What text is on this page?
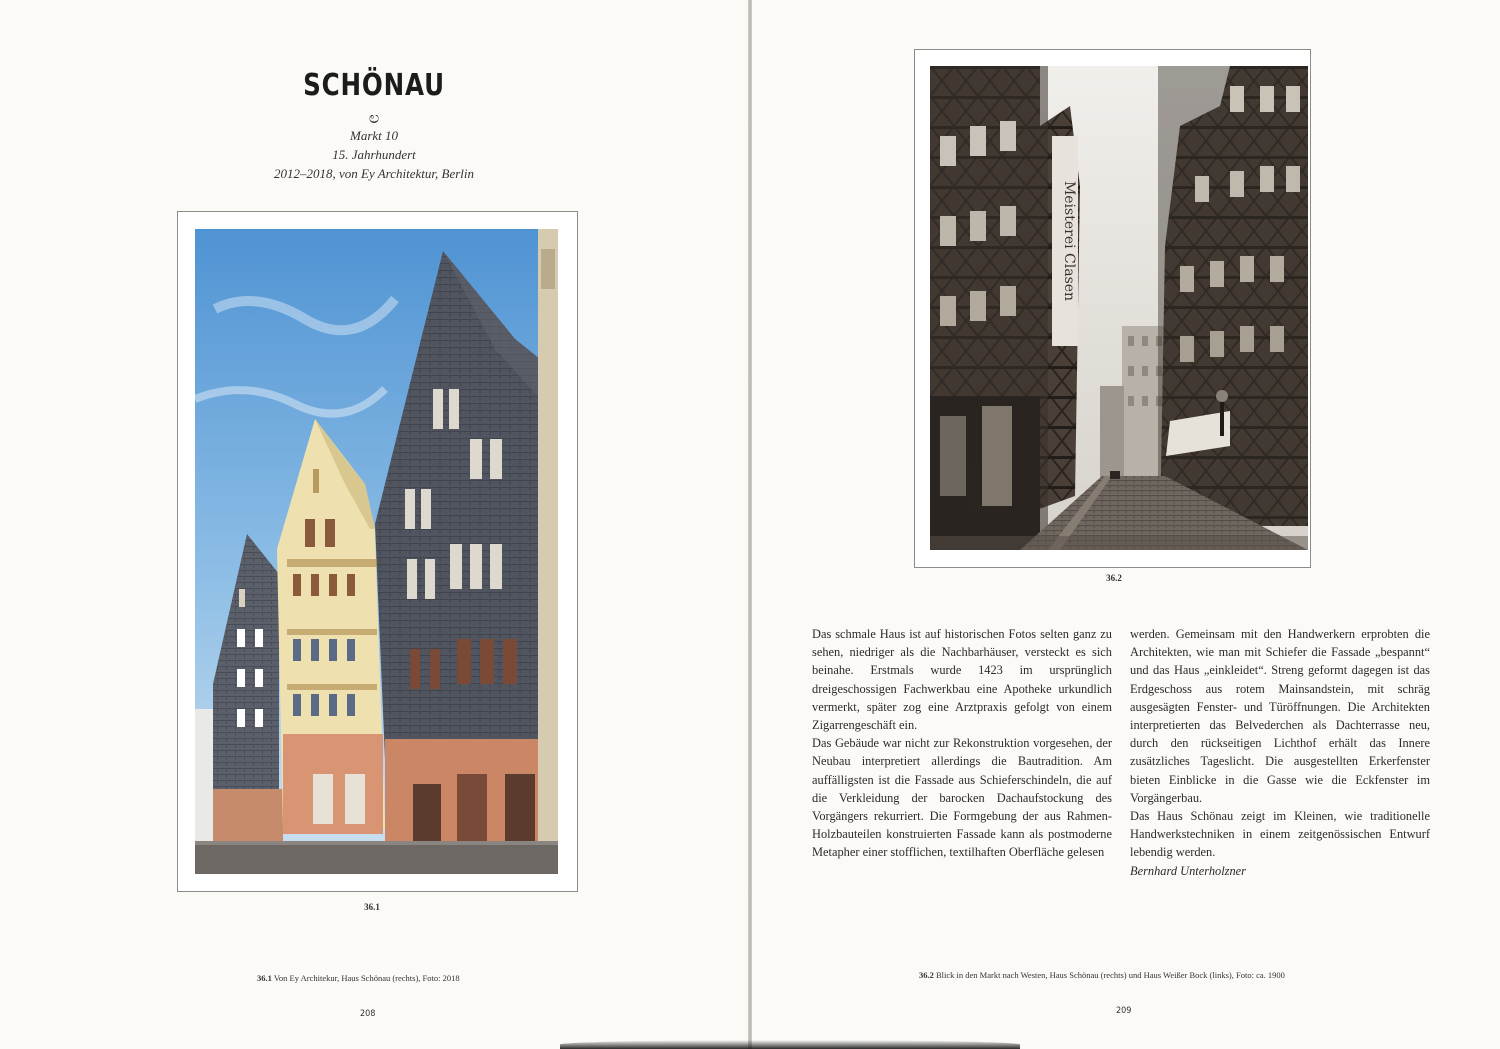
SCHÖNAU
ಲ
Markt 10
15. Jahrhundert
2012–2018, von Ey Architektur, Berlin
36.1
36.1 Von Ey Architekur, Haus Schönau (rechts), Foto: 2018
208
Meisterei Clasen
36.2

Das schmale Haus ist auf historischen Fotos selten ganz zu sehen, niedriger als die Nachbarhäuser, versteckt es sich beinahe. Erstmals wurde 1423 im ursprünglich dreigeschossigen Fachwerkbau eine Apotheke urkundlich vermerkt, später zog eine Arztpraxis gefolgt von einem Zigarrengeschäft ein.

Das Gebäude war nicht zur Rekonstruktion vorgesehen, der Neubau interpretiert allerdings die Bautradition. Am auffälligsten ist die Fassade aus Schieferschindeln, die auf die Verkleidung der barocken Dachaufstockung des Vorgängers rekurriert. Die Formgebung der aus Rahmen-Holzbauteilen konstruierten Fassade kann als postmoderne Metapher einer stofflichen, textilhaften Oberfläche gelesen

werden. Gemeinsam mit den Handwerkern erprobten die Architekten, wie man mit Schiefer die Fassade „bespannt“ und das Haus „einkleidet“. Streng geformt dagegen ist das Erdgeschoss aus rotem Mainsandstein, mit schräg ausgesägten Fenster- und Türöffnungen. Die Architekten interpretierten das Belvederchen als Dachterrasse neu, durch den rückseitigen Lichthof erhält das Innere zusätzliches Tageslicht. Die ausgestellten Erkerfenster bieten Einblicke in die Gasse wie die Eckfenster im Vorgängerbau.

Das Haus Schönau zeigt im Kleinen, wie traditionelle Handwerkstechniken in einem zeitgenössischen Entwurf lebendig werden.

Bernhard Unterholzner

36.2 Blick in den Markt nach Westen, Haus Schönau (rechts) und Haus Weißer Bock (links), Foto: ca. 1900
209
